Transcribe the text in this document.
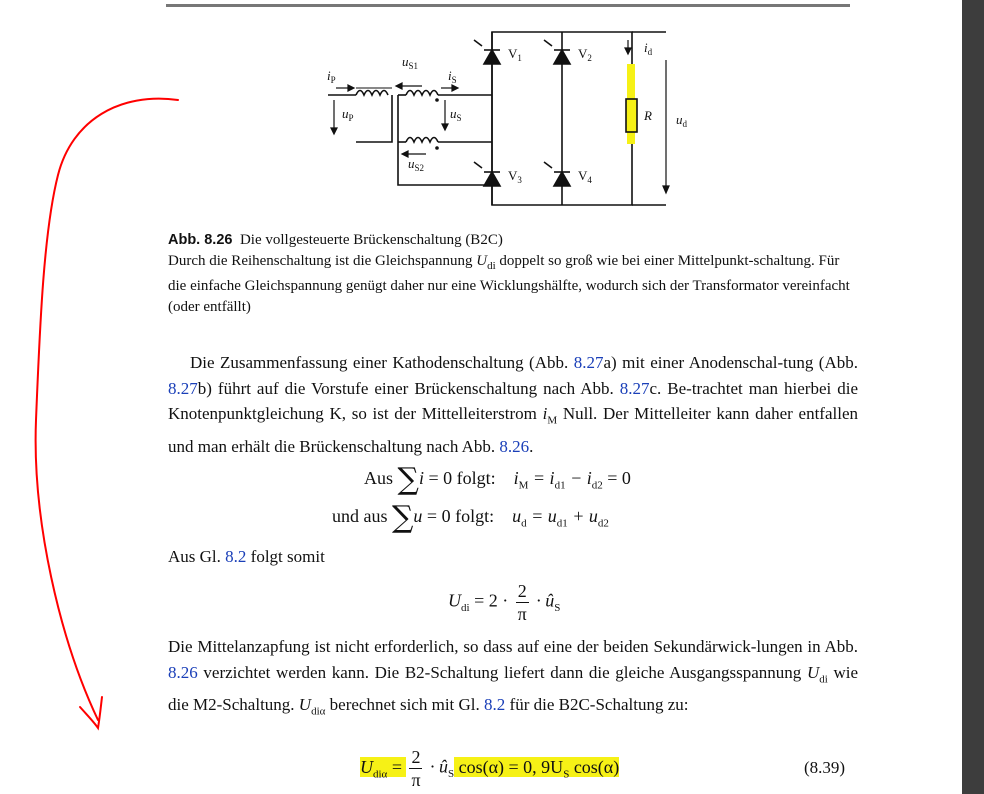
$i_P$
$u_P$
$u_{S1}$
$i_S$
$u_S$
$u_{S2}$
$V_1$	$V_2$
$V_3$	$V_4$
$i_d$
R $u_d$
Abb. 8.26 Die vollgesteuerte Brückenschaltung (B2C)
Durch die Reihenschaltung ist die Gleichspannung $U_{di}$ doppelt so groß wie bei einer Mittelpunkt-schaltung. Für die einfache Gleichspannung genügt daher nur eine Wicklungshälfte, wodurch sich der Transformator vereinfacht (oder entfällt)
Die Zusammenfassung einer Kathodenschaltung (Abb. 8.27a) mit einer Anodenschal-tung (Abb. 8.27b) führt auf die Vorstufe einer Brückenschaltung nach Abb. 8.27c. Be-trachtet man hierbei die Knotenpunktgleichung K, so ist der Mittelleiterstrom $i_M$ Null. Der Mittelleiter kann daher entfallen und man erhält die Brückenschaltung nach Abb. 8.26.
Aus ∑i = 0 folgt: $i_M = i_{d1} - i_{d2} = 0$
und aus ∑u = 0 folgt: $u_d = u_{d1} + u_{d2}$
Aus Gl. 8.2 folgt somit
$U_{di} = 2 \cdot \frac{2}{\pi}$ · $û_S$
Die Mittelanzapfung ist nicht erforderlich, so dass auf eine der beiden Sekundärwick-lungen in Abb. 8.26 verzichtet werden kann. Die B2-Schaltung liefert dann die gleiche Ausgangsspannung $U_{di}$ wie die M2-Schaltung. $U_{di\alpha}$ berechnet sich mit Gl. 8.2 für die B2C-Schaltung zu:
$U_{di\alpha} = \frac{2}{\pi}$ · $û_S$ cos(α) = 0, $9U_S$ cos(α)	(8.39)
